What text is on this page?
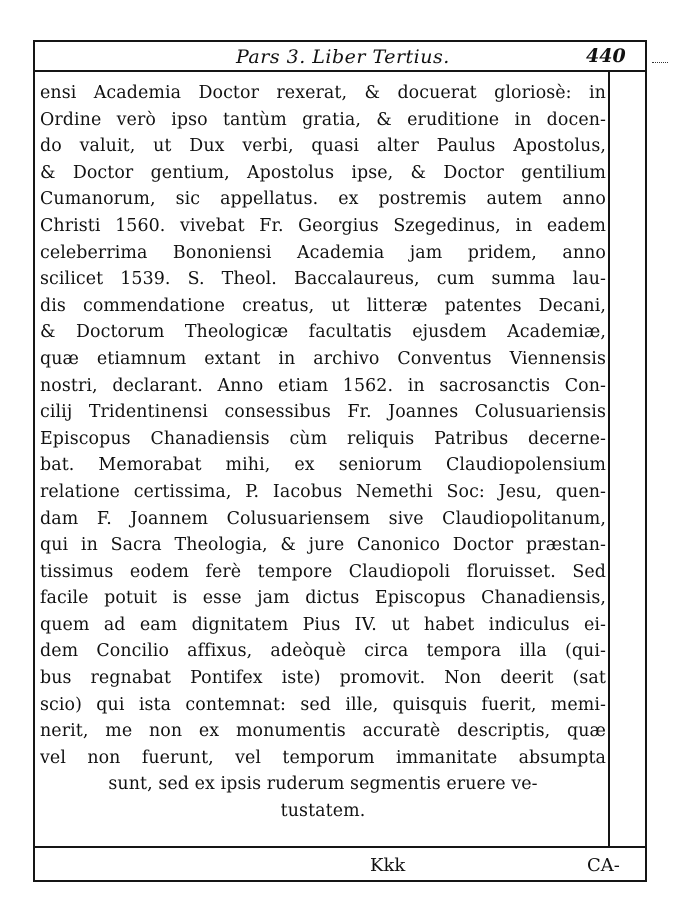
Pars 3. Liber Tertius.	440
ensi Academia Doctor rexerat, & docuerat gloriosè: in
Ordine verò ipso tantùm gratia, & eruditione in docen-
do valuit, ut Dux verbi, quasi alter Paulus Apostolus,
& Doctor gentium, Apostolus ipse, & Doctor gentilium
Cumanorum, sic appellatus. ex postremis autem anno
Christi 1560. vivebat Fr. Georgius Szegedinus, in eadem
celeberrima Bononiensi Academia jam pridem, anno
scilicet 1539. S. Theol. Baccalaureus, cum summa lau-
dis commendatione creatus, ut litteræ patentes Decani,
& Doctorum Theologicæ facultatis ejusdem Academiæ,
quæ etiamnum extant in archivo Conventus Viennensis
nostri, declarant. Anno etiam 1562. in sacrosanctis Con-
cilij Tridentinensi consessibus Fr. Joannes Colusuariensis
Episcopus Chanadiensis cùm reliquis Patribus decerne-
bat. Memorabat mihi, ex seniorum Claudiopolensium
relatione certissima, P. Iacobus Nemethi Soc: Jesu, quen-
dam F. Joannem Colusuariensem sive Claudiopolitanum,
qui in Sacra Theologia, & jure Canonico Doctor præstan-
tissimus eodem ferè tempore Claudiopoli floruisset. Sed
facile potuit is esse jam dictus Episcopus Chanadiensis,
quem ad eam dignitatem Pius IV. ut habet indiculus ei-
dem Concilio affixus, adeòquè circa tempora illa (qui-
bus regnabat Pontifex iste) promovit. Non deerit (sat
scio) qui ista contemnat: sed ille, quisquis fuerit, memi-
nerit, me non ex monumentis accuratè descriptis, quæ
vel non fuerunt, vel temporum immanitate absumpta
sunt, sed ex ipsis ruderum segmentis eruere ve-
tustatem.
Kkk	CA-
